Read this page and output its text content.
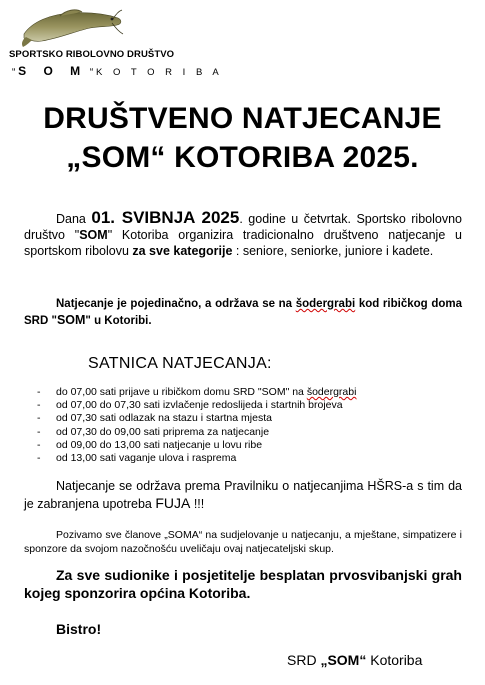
SPORTSKO RIBOLOVNO DRUŠTVO
“ S O M “ K O T O R I B A
DRUŠTVENO NATJECANJE
„SOM“ KOTORIBA 2025.
Dana 01. SVIBNJA 2025. godine u četvrtak. Sportsko ribolovno društvo "SOM" Kotoriba organizira tradicionalno društveno natjecanje u sportskom ribolovu za sve kategorije : seniore, seniorke, juniore i kadete.
Natjecanje je pojedinačno, a održava se na šodergrabi kod ribičkog doma SRD "SOM" u Kotoribi.
SATNICA NATJECANJA:
- do 07,00 sati prijave u ribičkom domu SRD "SOM" na šodergrabi
- od 07,00 do 07,30 sati izvlačenje redoslijeda i startnih brojeva
- od 07,30 sati odlazak na stazu i startna mjesta
- od 07,30 do 09,00 sati priprema za natjecanje
- od 09,00 do 13,00 sati natjecanje u lovu ribe
- od 13,00 sati vaganje ulova i rasprema
Natjecanje se održava prema Pravilniku o natjecanjima HŠRS-a s tim da je zabranjena upotreba FUJA !!!
Pozivamo sve članove „SOMA“ na sudjelovanje u natjecanju, a mještane, simpatizere i sponzore da svojom nazočnošću uveličaju ovaj natjecateljski skup.
Za sve sudionike i posjetitelje besplatan prvosvibanjski grah kojeg sponzorira općina Kotoriba.
Bistro!
SRD „SOM“ Kotoriba
